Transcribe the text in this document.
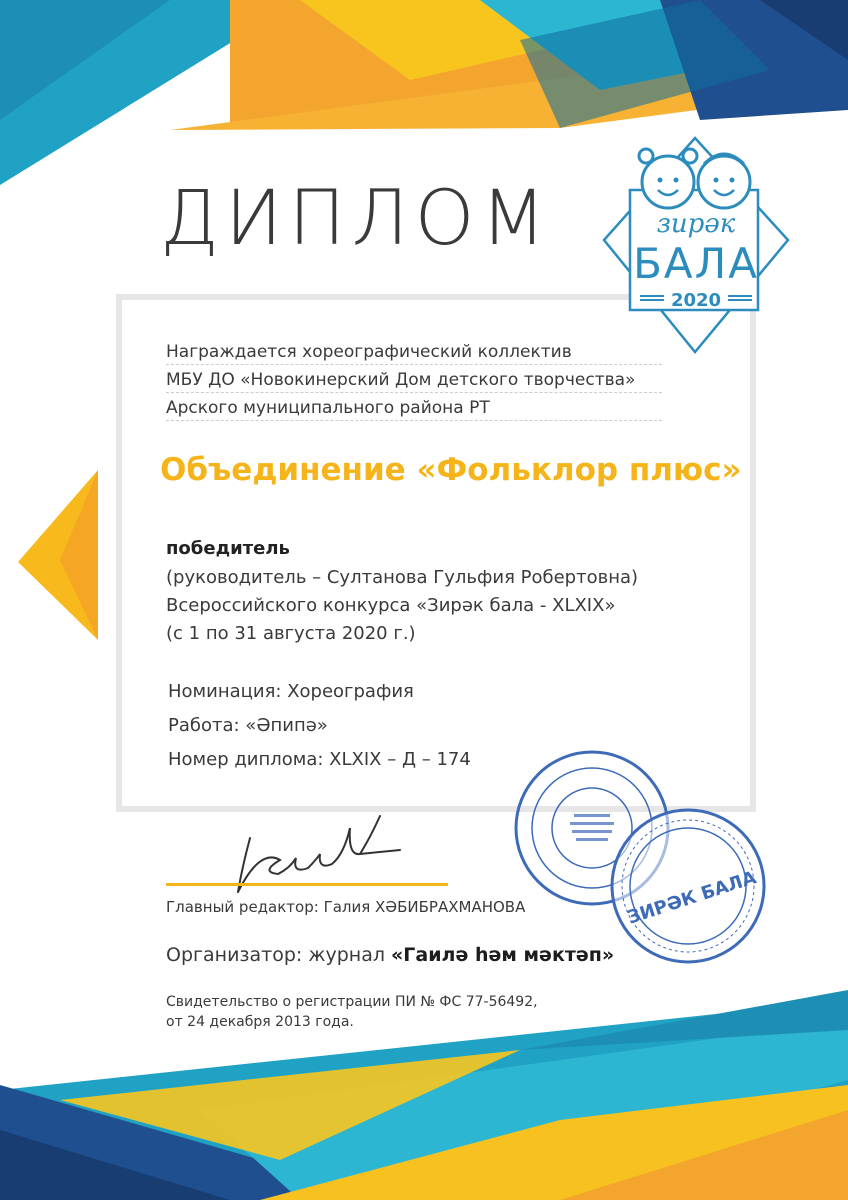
ДИПЛОМ	зирәк
БАЛА
2020
Награждается хореографический коллектив
МБУ ДО «Новокинерский Дом детского творчества»
Арского муниципального района РТ
Объединение «Фольклор плюс»
победитель
(руководитель – Султанова Гульфия Робертовна)
Всероссийского конкурса «Зирәк бала - XLXIX»
(с 1 по 31 августа 2020 г.)
Номинация: Хореография
Работа: «Әпипә»
Номер диплома: XLXIX – Д – 174
Главный редактор: Галия ХӘБИБРАХМАНОВА	ЗИРӘК БАЛА
Организатор: журнал «Гаилә һәм мәктәп»
Свидетельство о регистрации ПИ № ФС 77-56492,
от 24 декабря 2013 года.
